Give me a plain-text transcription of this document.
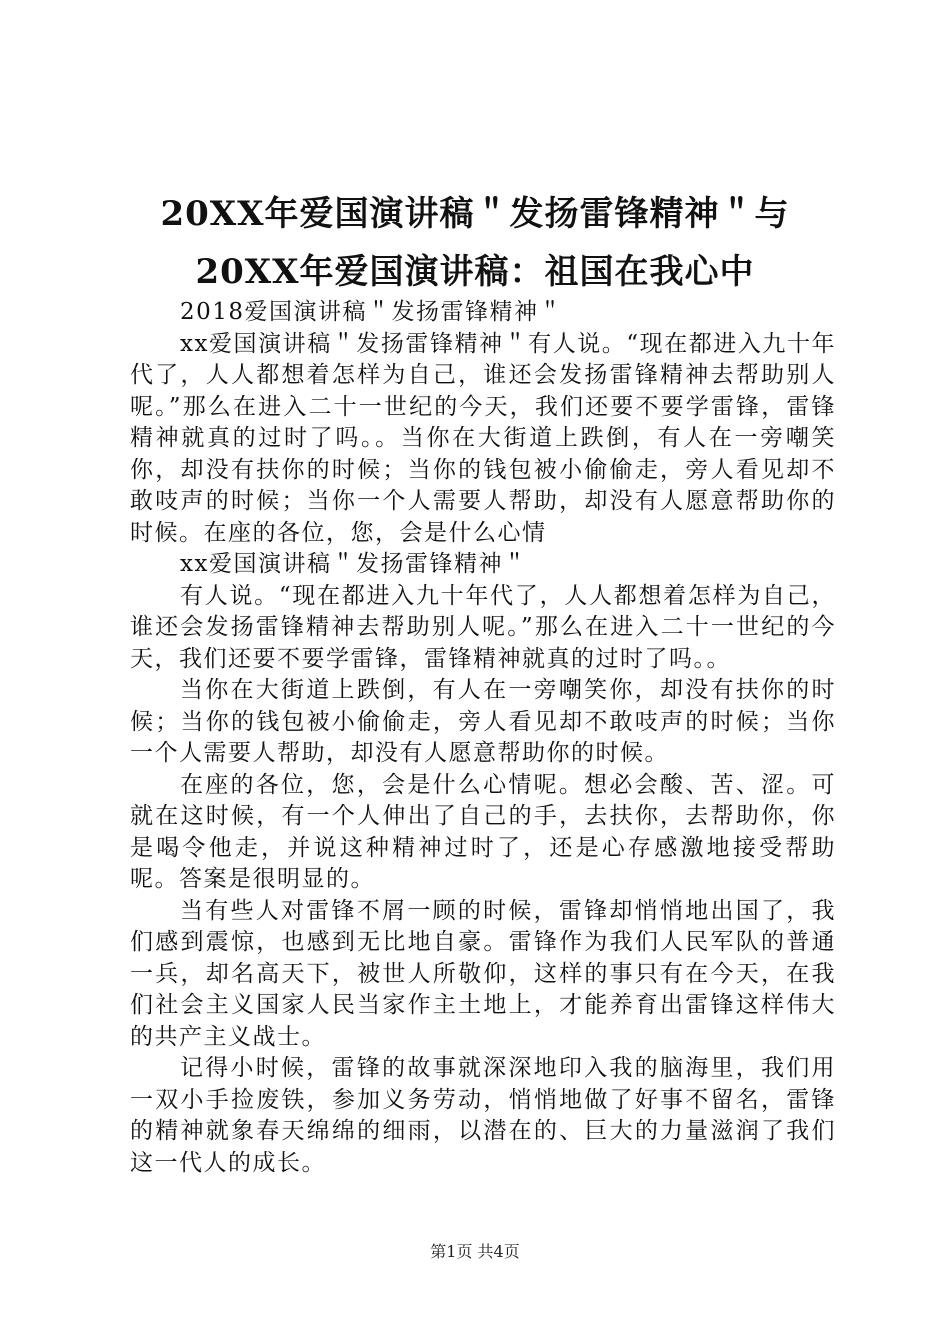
20XX年爱国演讲稿＂发扬雷锋精神＂与20XX年爱国演讲稿：祖国在我心中

2018爱国演讲稿＂发扬雷锋精神＂

xx爱国演讲稿＂发扬雷锋精神＂有人说。“现在都进入九十年代了，人人都想着怎样为自己，谁还会发扬雷锋精神去帮助别人呢。”那么在进入二十一世纪的今天，我们还要不要学雷锋，雷锋精神就真的过时了吗。。当你在大街道上跌倒，有人在一旁嘲笑你，却没有扶你的时候；当你的钱包被小偷偷走，旁人看见却不敢吱声的时候；当你一个人需要人帮助，却没有人愿意帮助你的时候。在座的各位，您，会是什么心情

xx爱国演讲稿＂发扬雷锋精神＂

有人说。“现在都进入九十年代了，人人都想着怎样为自己，谁还会发扬雷锋精神去帮助别人呢。”那么在进入二十一世纪的今天，我们还要不要学雷锋，雷锋精神就真的过时了吗。。

当你在大街道上跌倒，有人在一旁嘲笑你，却没有扶你的时候；当你的钱包被小偷偷走，旁人看见却不敢吱声的时候；当你一个人需要人帮助，却没有人愿意帮助你的时候。

在座的各位，您，会是什么心情呢。想必会酸、苦、涩。可就在这时候，有一个人伸出了自己的手，去扶你，去帮助你，你是喝令他走，并说这种精神过时了，还是心存感激地接受帮助呢。答案是很明显的。

当有些人对雷锋不屑一顾的时候，雷锋却悄悄地出国了，我们感到震惊，也感到无比地自豪。雷锋作为我们人民军队的普通一兵，却名高天下，被世人所敬仰，这样的事只有在今天，在我们社会主义国家人民当家作主土地上，才能养育出雷锋这样伟大的共产主义战士。

记得小时候，雷锋的故事就深深地印入我的脑海里，我们用一双小手捡废铁，参加义务劳动，悄悄地做了好事不留名，雷锋的精神就象春天绵绵的细雨，以潜在的、巨大的力量滋润了我们这一代人的成长。

第1页 共4页
